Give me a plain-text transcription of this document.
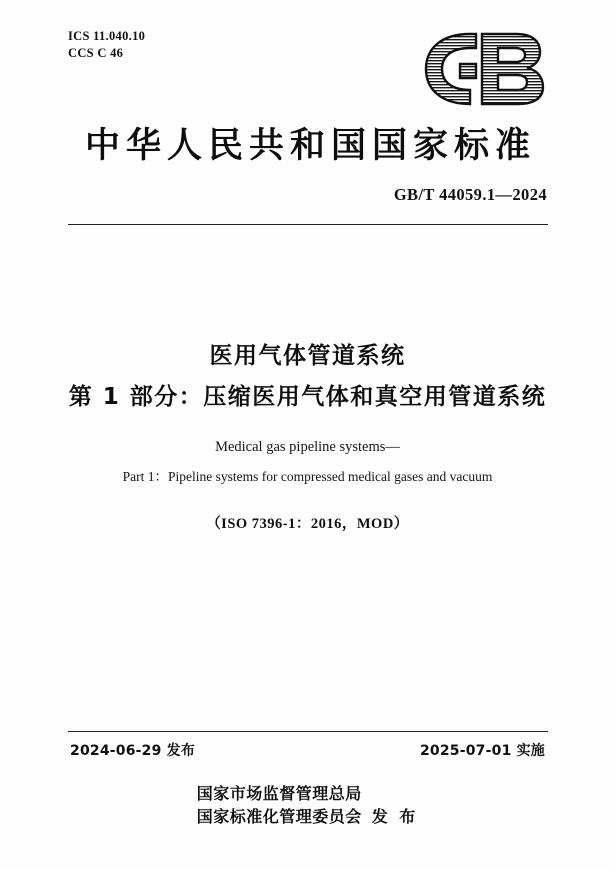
ICS 11.040.10
CCS C 46
中华人民共和国国家标准
GB/T 44059.1—2024
医用气体管道系统
第 1 部分：压缩医用气体和真空用管道系统
Medical gas pipeline systems—
Part 1：Pipeline systems for compressed medical gases and vacuum
（ISO 7396-1：2016，MOD）
2024-06-29 发布	2025-07-01 实施
国家市场监督管理总局
国家标准化管理委员会 发 布
